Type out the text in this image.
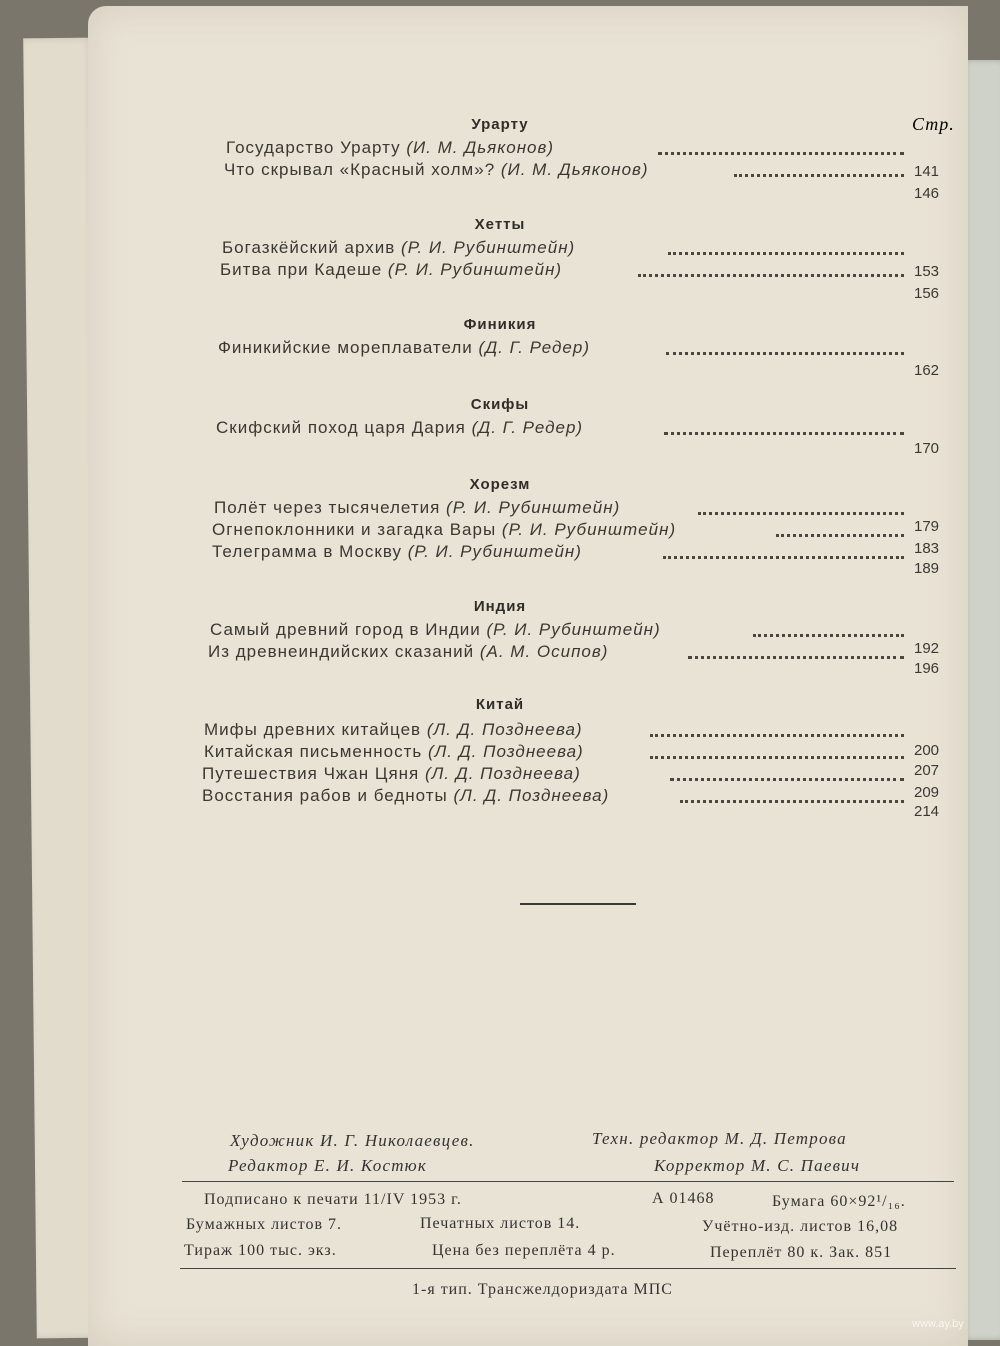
Стр.
Урарту
Государство Урарту (И. М. Дьяконов)
141
Что скрывал «Красный холм»? (И. М. Дьяконов)
146
Хетты
Богазкёйский архив (Р. И. Рубинштейн)
153
Битва при Кадеше (Р. И. Рубинштейн)
156
Финикия
Финикийские мореплаватели (Д. Г. Редер)
162
Скифы
Скифский поход царя Дария (Д. Г. Редер)
170
Хорезм
Полёт через тысячелетия (Р. И. Рубинштейн)
179
Огнепоклонники и загадка Вары (Р. И. Рубинштейн)
183
Телеграмма в Москву (Р. И. Рубинштейн)
189
Индия
Самый древний город в Индии (Р. И. Рубинштейн)
192
Из древнеиндийских сказаний (А. М. Осипов)
196
Китай
Мифы древних китайцев (Л. Д. Позднеева)
200
Китайская письменность (Л. Д. Позднеева)
207
Путешествия Чжан Цяня (Л. Д. Позднеева)
209
Восстания рабов и бедноты (Л. Д. Позднеева)
214
Художник И. Г. Николаевцев.	Техн. редактор М. Д. Петрова
Редактор Е. И. Костюк	Корректор М. С. Паевич
Подписано к печати 11/IV 1953 г.	А 01468	Бумага 60×92¹/₁₆.
Бумажных листов 7.	Печатных листов 14.	Учётно-изд. листов 16,08
Тираж 100 тыс. экз.	Цена без переплёта 4 р.	Переплёт 80 к. Зак. 851
1-я тип. Трансжелдориздата МПС
www.ay.by
